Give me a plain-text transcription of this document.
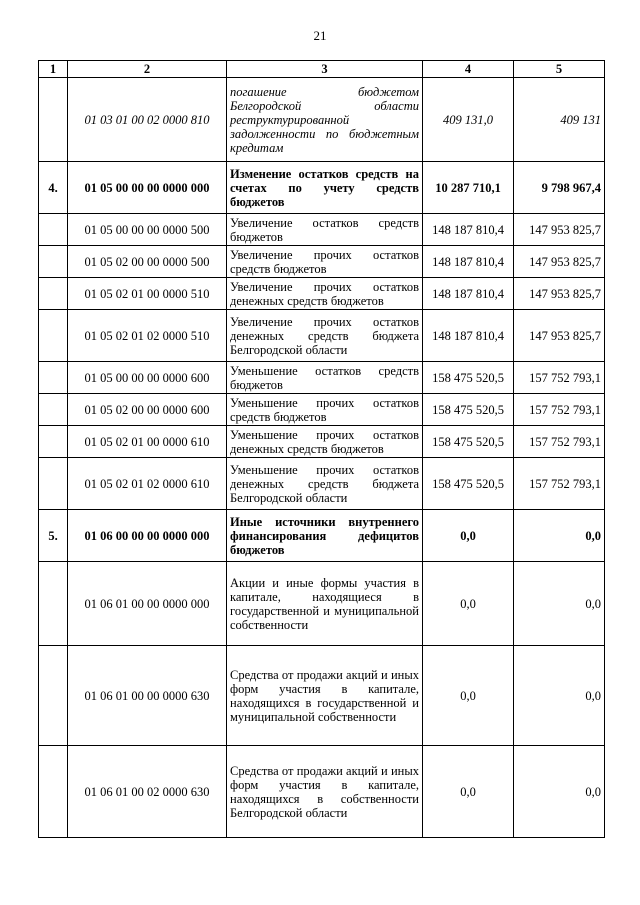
21
1	2	3	4	5
	01 03 01 00 02 0000 810	погашение бюджетом Белгородской области реструктурированной задолженности по бюджетным кредитам	409 131,0	409 131
4.	01 05 00 00 00 0000 000	Изменение остатков средств на счетах по учету средств бюджетов	10 287 710,1	9 798 967,4
	01 05 00 00 00 0000 500	Увеличение остатков средств бюджетов	148 187 810,4	147 953 825,7
	01 05 02 00 00 0000 500	Увеличение прочих остатков средств бюджетов	148 187 810,4	147 953 825,7
	01 05 02 01 00 0000 510	Увеличение прочих остатков денежных средств бюджетов	148 187 810,4	147 953 825,7
	01 05 02 01 02 0000 510	Увеличение прочих остатков денежных средств бюджета Белгородской области	148 187 810,4	147 953 825,7
	01 05 00 00 00 0000 600	Уменьшение остатков средств бюджетов	158 475 520,5	157 752 793,1
	01 05 02 00 00 0000 600	Уменьшение прочих остатков средств бюджетов	158 475 520,5	157 752 793,1
	01 05 02 01 00 0000 610	Уменьшение прочих остатков денежных средств бюджетов	158 475 520,5	157 752 793,1
	01 05 02 01 02 0000 610	Уменьшение прочих остатков денежных средств бюджета Белгородской области	158 475 520,5	157 752 793,1
5.	01 06 00 00 00 0000 000	Иные источники внутреннего финансирования дефицитов бюджетов	0,0	0,0
	01 06 01 00 00 0000 000	Акции и иные формы участия в капитале, находящиеся в государственной и муниципальной собственности	0,0	0,0
	01 06 01 00 00 0000 630	Средства от продажи акций и иных форм участия в капитале, находящихся в государственной и муниципальной собственности	0,0	0,0
	01 06 01 00 02 0000 630	Средства от продажи акций и иных форм участия в капитале, находящихся в собственности Белгородской области	0,0	0,0
